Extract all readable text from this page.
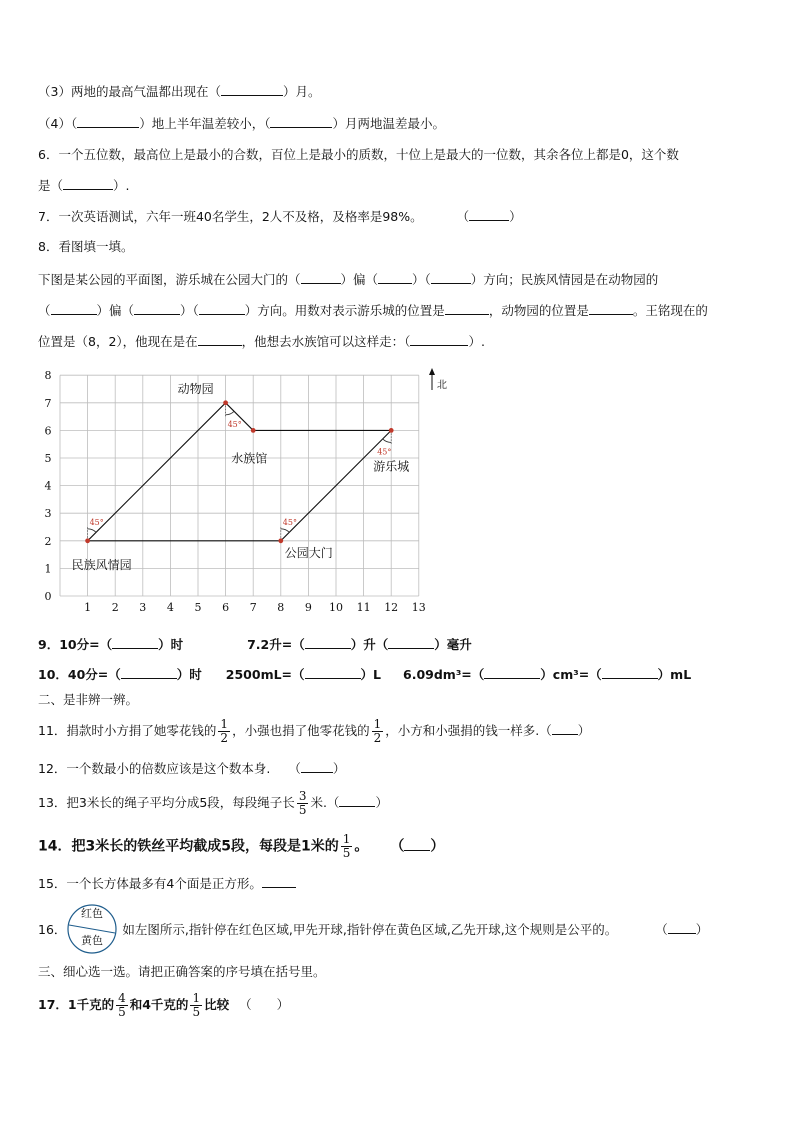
（3）两地的最高气温都出现在（	）月。
（4）（	）地上半年温差较小，（	）月两地温差最小。
6．一个五位数，最高位上是最小的合数，百位上是最小的质数，十位上是最大的一位数，其余各位上都是0，这个数
是（	）.
7．一次英语测试，六年一班40名学生，2人不及格，及格率是98%。	（	）
8．看图填一填。
下图是某公园的平面图，游乐城在公园大门的（	）偏（	）（	）方向；民族风情园是在动物园的
（	）偏（	）（	）方向。用数对表示游乐城的位置是	，动物园的位置是	。王铭现在的
位置是（8，2），他现在是在	，他想去水族馆可以这样走：（	）.
1 2 3 4 5 6 7 8 9 10 11 12 13
0
1
2
3
4
5
6
7
8
45°	45°
45°
45°
动物园
水族馆
游乐城
公园大门
民族风情园
北
9．10分=（	）时	7.2升=（	）升（	）毫升
10．40分=（	）时 2500mL=（	）L 6.09dm³=（	）cm³=（	）mL
二、是非辨一辨。
11．捐款时小方捐了她零花钱的 $\frac{1}{2}$ ，小强也捐了他零花钱的 $\frac{1}{2}$ ，小方和小强捐的钱一样多.（ ）
12．一个数最小的倍数应该是这个数本身. （	）
13．把3米长的绳子平均分成5段，每段绳子长 $\frac{3}{5}$ 米.（	）
14．把3米长的铁丝平均截成5段，每段是1米的 $\frac{1}{5}$ 。 （ ）
15．一个长方体最多有4个面是正方形。
16．	如左图所示,指针停在红色区域,甲先开球,指针停在黄色区域,乙先开球,这个规则是公平的。	（ ）
红色
黄色
三、细心选一选。请把正确答案的序号填在括号里。
17．1千克的 $\frac{4}{5}$ 和4千克的 $\frac{1}{5}$ 比较 （　　）
